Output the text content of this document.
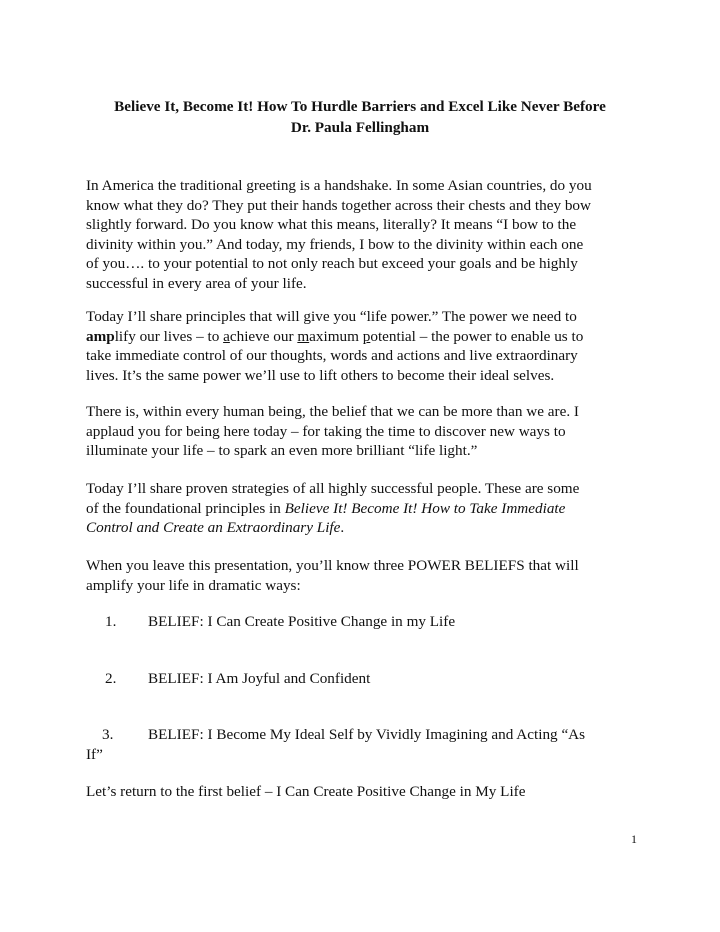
Believe It, Become It! How To Hurdle Barriers and Excel Like Never Before

Dr. Paula Fellingham

In America the traditional greeting is a handshake. In some Asian countries, do you
know what they do? They put their hands together across their chests and they bow
slightly forward. Do you know what this means, literally? It means “I bow to the
divinity within you.” And today, my friends, I bow to the divinity within each one
of you…. to your potential to not only reach but exceed your goals and be highly
successful in every area of your life.

Today I’ll share principles that will give you “life power.” The power we need to
amplify our lives – to achieve our maximum potential – the power to enable us to
take immediate control of our thoughts, words and actions and live extraordinary
lives. It’s the same power we’ll use to lift others to become their ideal selves.

There is, within every human being, the belief that we can be more than we are. I
applaud you for being here today – for taking the time to discover new ways to
illuminate your life – to spark an even more brilliant “life light.”

Today I’ll share proven strategies of all highly successful people. These are some
of the foundational principles in Believe It! Become It! How to Take Immediate
Control and Create an Extraordinary Life.

When you leave this presentation, you’ll know three POWER BELIEFS that will
amplify your life in dramatic ways:

1. BELIEF: I Can Create Positive Change in my Life
2. BELIEF: I Am Joyful and Confident
3. BELIEF: I Become My Ideal Self by Vividly Imagining and Acting “As
If”

Let’s return to the first belief – I Can Create Positive Change in My Life

1
